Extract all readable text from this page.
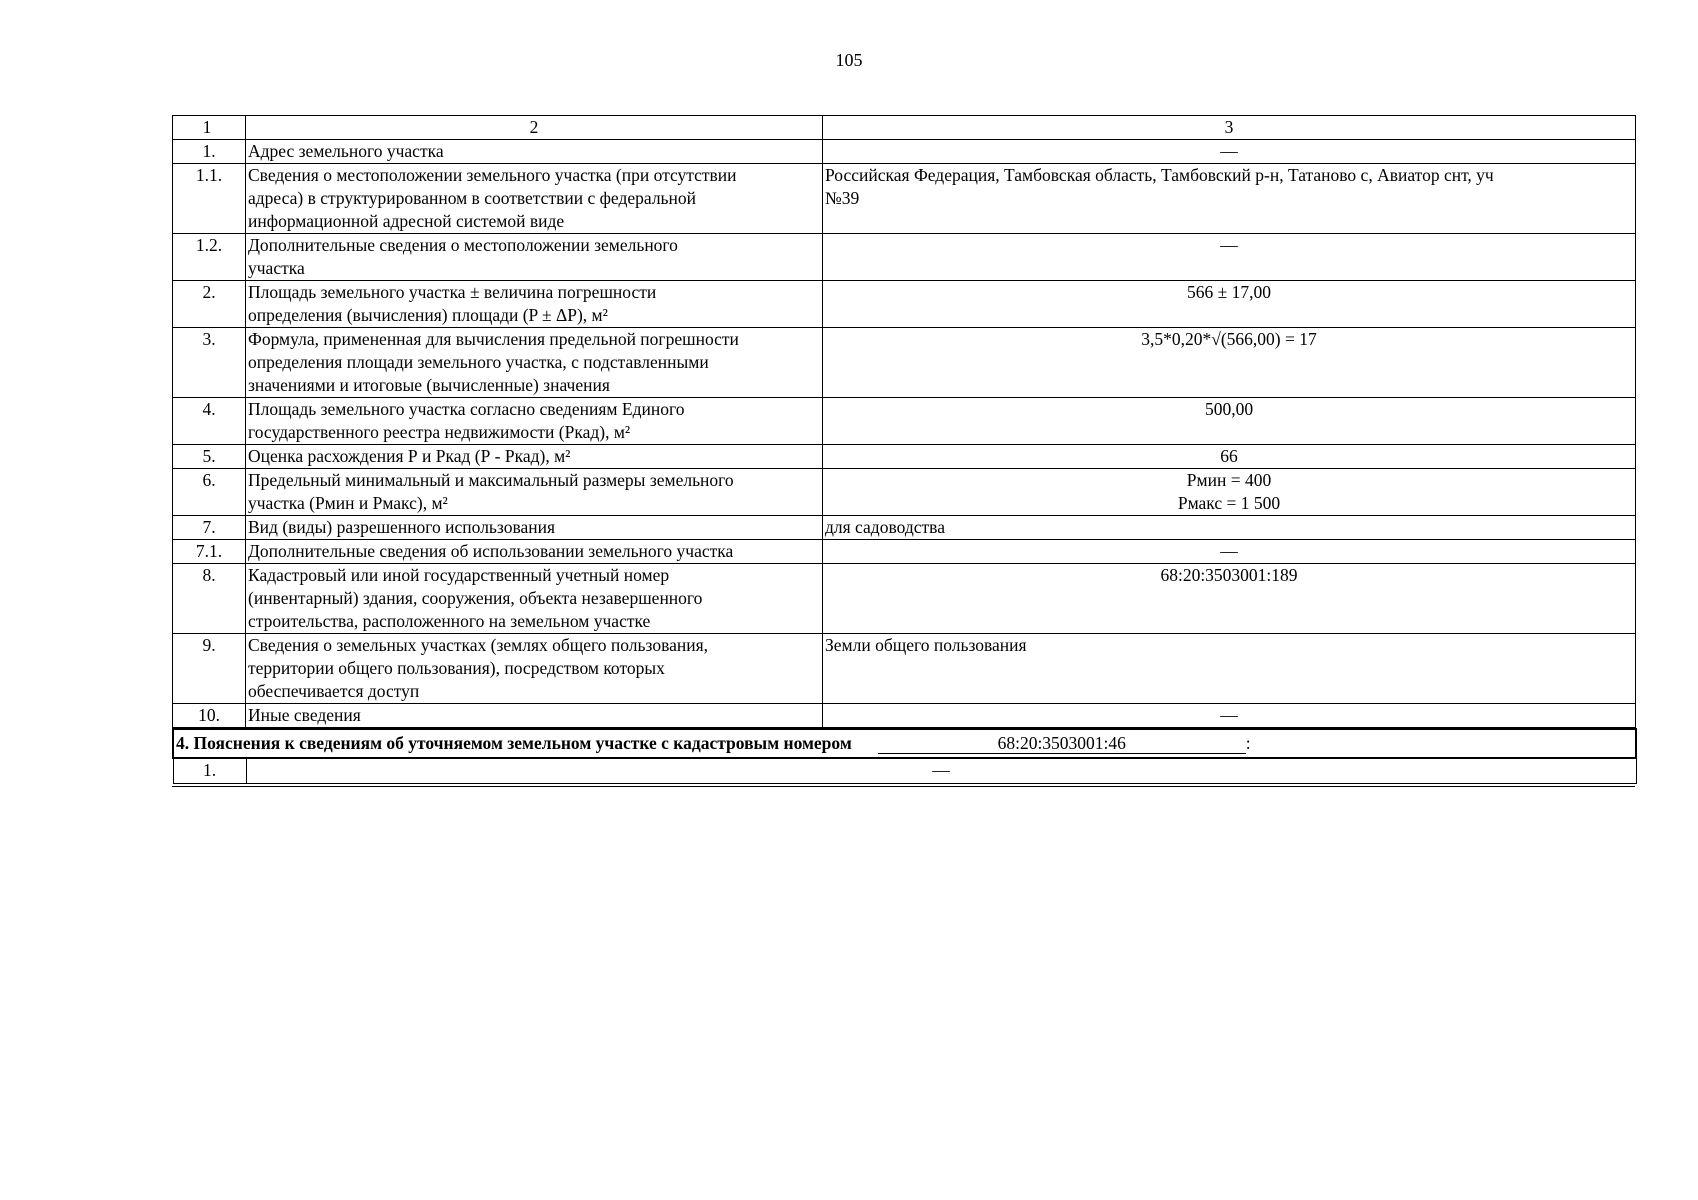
105
1	2	3
1.	Адрес земельного участка	—

1.1.	Сведения о местоположении земельного участка (при отсутствии
адреса) в структурированном в соответствии с федеральной
информационной адресной системой виде	Российская Федерация, Тамбовская область, Тамбовский р-н, Татаново с, Авиатор снт, уч
№39

1.2.	Дополнительные сведения о местоположении земельного
участка	—

2.	Площадь земельного участка ± величина погрешности
определения (вычисления) площади (P ± ΔP), м²	566 ± 17,00

3.	Формула, примененная для вычисления предельной погрешности
определения площади земельного участка, с подставленными
значениями и итоговые (вычисленные) значения	3,5*0,20*√(566,00) = 17

4.	Площадь земельного участка согласно сведениям Единого
государственного реестра недвижимости (Ркад), м²	500,00

5.	Оценка расхождения Р и Ркад (Р - Ркад), м²	66

6.	Предельный минимальный и максимальный размеры земельного
участка (Рмин и Рмакс), м²	Рмин = 400
Рмакс = 1 500

7.	Вид (виды) разрешенного использования	для садоводства

7.1.	Дополнительные сведения об использовании земельного участка	—

8.	Кадастровый или иной государственный учетный номер
(инвентарный) здания, сооружения, объекта незавершенного
строительства, расположенного на земельном участке	68:20:3503001:189

9.	Сведения о земельных участках (землях общего пользования,
территории общего пользования), посредством которых
обеспечивается доступ	Земли общего пользования

10.	Иные сведения	—
4. Пояснения к сведениям об уточняемом земельном участке с кадастровым номером	68:20:3503001:46	:
1.	—
